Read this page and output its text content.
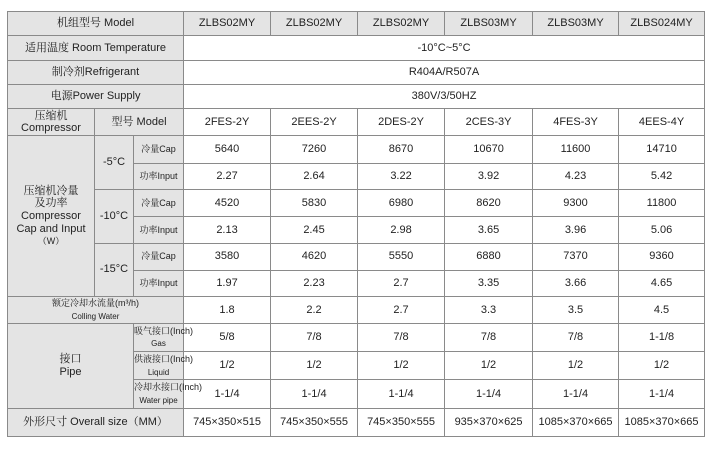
机组型号 Model			ZLBS02MY	ZLBS02MY	ZLBS02MY	ZLBS03MY	ZLBS03MY	ZLBS024MY
适用温度 Room Temperature			-10°C~5°C					
制冷剂Refrigerant			R404A/R507A					
电源Power Supply			380V/3/50HZ					
压缩机
Compressor	型号 Model		2FES-2Y	2EES-2Y	2DES-2Y	2CES-3Y	4FES-3Y	4EES-4Y
压缩机冷量
及功率
Compressor
Cap and Input
（W）	-5°C	冷量Cap	5640	7260	8670	10670	11600	14710
		功率Input	2.27	2.64	3.22	3.92	4.23	5.42
	-10°C	冷量Cap	4520	5830	6980	8620	9300	11800
		功率Input	2.13	2.45	2.98	3.65	3.96	5.06
	-15°C	冷量Cap	3580	4620	5550	6880	7370	9360
		功率Input	1.97	2.23	2.7	3.35	3.66	4.65
额定冷却水流量(m³/h)
Colling Water			1.8	2.2	2.7	3.3	3.5	4.5
接口
Pipe		吸气接口(Inch)
Gas	5/8	7/8	7/8	7/8	7/8	1-1/8
		供液接口(Inch)
Liquid	1/2	1/2	1/2	1/2	1/2	1/2
		冷却水接口(Inch)
Water pipe	1-1/4	1-1/4	1-1/4	1-1/4	1-1/4	1-1/4
外形尺寸 Overall size（MM）			745×350×515	745×350×555	745×350×555	935×370×625	1085×370×665	1085×370×665
